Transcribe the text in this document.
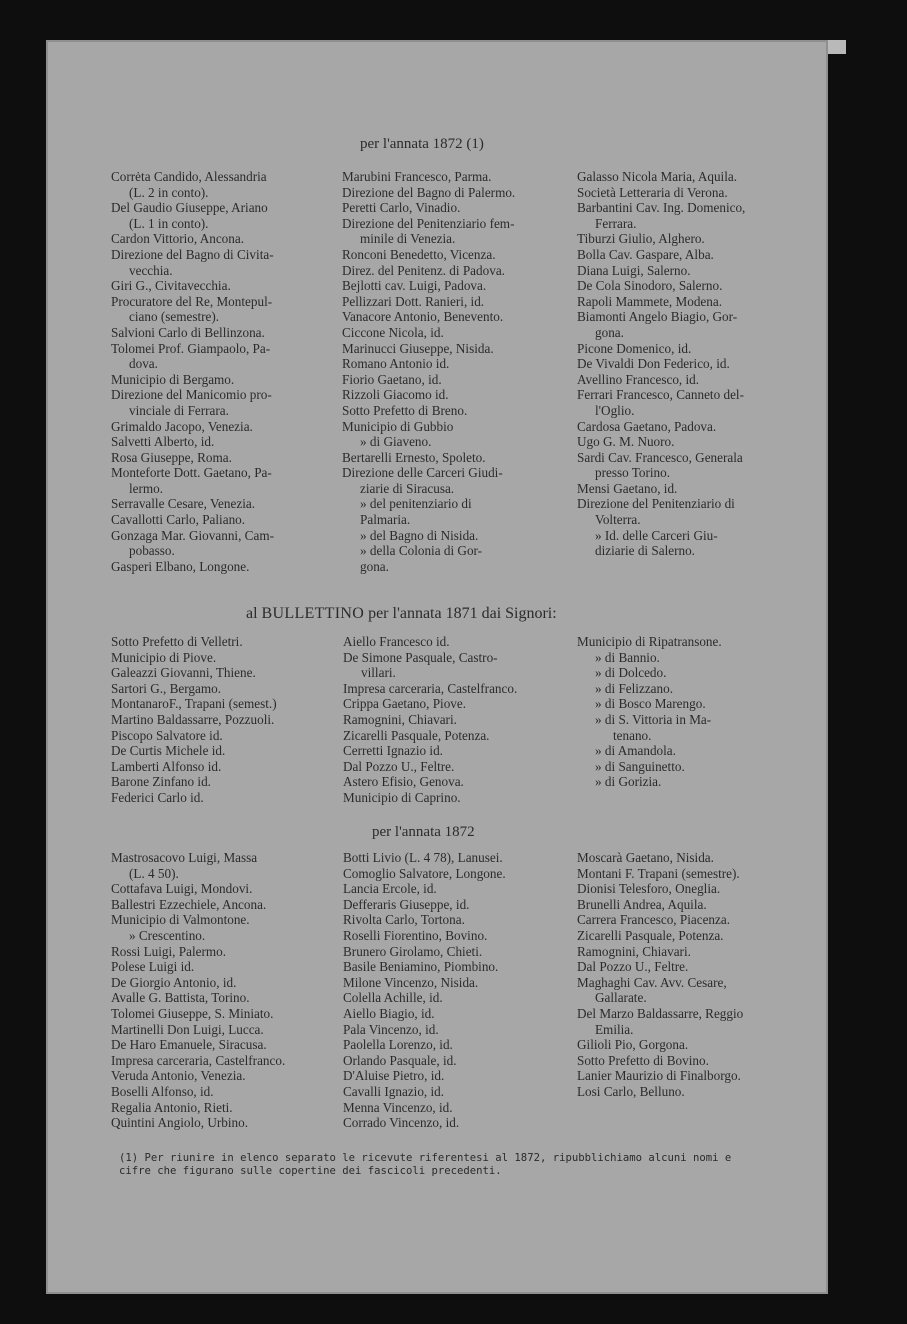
per l'annata 1872 (1)
Corrėta Candido, Alessandria
(L. 2 in conto).
Del Gaudio Giuseppe, Ariano
(L. 1 in conto).
Cardon Vittorio, Ancona.
Direzione del Bagno di Civita-
vecchia.
Giri G., Civitavecchia.
Procuratore del Re, Montepul-
ciano (semestre).
Salvioni Carlo di Bellinzona.
Tolomei Prof. Giampaolo, Pa-
dova.
Municipio di Bergamo.
Direzione del Manicomio pro-
vinciale di Ferrara.
Grimaldo Jacopo, Venezia.
Salvetti Alberto, id.
Rosa Giuseppe, Roma.
Monteforte Dott. Gaetano, Pa-
lermo.
Serravalle Cesare, Venezia.
Cavallotti Carlo, Paliano.
Gonzaga Mar. Giovanni, Cam-
pobasso.
Gasperi Elbano, Longone.
Marubini Francesco, Parma.
Direzione del Bagno di Palermo.
Peretti Carlo, Vinadio.
Direzione del Penitenziario fem-
minile di Venezia.
Ronconi Benedetto, Vicenza.
Direz. del Penitenz. di Padova.
Bejlotti cav. Luigi, Padova.
Pellizzari Dott. Ranieri, id.
Vanacore Antonio, Benevento.
Ciccone Nicola, id.
Marinucci Giuseppe, Nisida.
Romano Antonio id.
Fiorio Gaetano, id.
Rizzoli Giacomo id.
Sotto Prefetto di Breno.
Municipio di Gubbio
» di Giaveno.
Bertarelli Ernesto, Spoleto.
Direzione delle Carceri Giudi-
ziarie di Siracusa.
» del penitenziario di
Palmaria.
» del Bagno di Nisida.
» della Colonia di Gor-
gona.
Galasso Nicola Maria, Aquila.
Società Letteraria di Verona.
Barbantini Cav. Ing. Domenico,
Ferrara.
Tiburzi Giulio, Alghero.
Bolla Cav. Gaspare, Alba.
Diana Luigi, Salerno.
De Cola Sinodoro, Salerno.
Rapoli Mammete, Modena.
Biamonti Angelo Biagio, Gor-
gona.
Picone Domenico, id.
De Vivaldi Don Federico, id.
Avellino Francesco, id.
Ferrari Francesco, Canneto del-
l'Oglio.
Cardosa Gaetano, Padova.
Ugo G. M. Nuoro.
Sardi Cav. Francesco, Generala
presso Torino.
Mensi Gaetano, id.
Direzione del Penitenziario di
Volterra.
» Id. delle Carceri Giu-
diziarie di Salerno.
al BULLETTINO per l'annata 1871 dai Signori:
Sotto Prefetto di Velletri.
Municipio di Piove.
Galeazzi Giovanni, Thiene.
Sartori G., Bergamo.
MontanaroF., Trapani (semest.)
Martino Baldassarre, Pozzuoli.
Piscopo Salvatore id.
De Curtis Michele id.
Lamberti Alfonso id.
Barone Zinfano id.
Federici Carlo id.
Aiello Francesco id.
De Simone Pasquale, Castro-
villari.
Impresa carceraria, Castelfranco.
Crippa Gaetano, Piove.
Ramognini, Chiavari.
Zicarelli Pasquale, Potenza.
Cerretti Ignazio id.
Dal Pozzo U., Feltre.
Astero Efisio, Genova.
Municipio di Caprino.
Municipio di Ripatransone.
» di Bannio.
» di Dolcedo.
» di Felizzano.
» di Bosco Marengo.
» di S. Vittoria in Ma-
tenano.
» di Amandola.
» di Sanguinetto.
» di Gorizia.
per l'annata 1872
Mastrosacovo Luigi, Massa
(L. 4 50).
Cottafava Luigi, Mondovi.
Ballestri Ezzechiele, Ancona.
Municipio di Valmontone.
» Crescentino.
Rossi Luigi, Palermo.
Polese Luigi id.
De Giorgio Antonio, id.
Avalle G. Battista, Torino.
Tolomei Giuseppe, S. Miniato.
Martinelli Don Luigi, Lucca.
De Haro Emanuele, Siracusa.
Impresa carceraria, Castelfranco.
Veruda Antonio, Venezia.
Boselli Alfonso, id.
Regalia Antonio, Rieti.
Quintini Angiolo, Urbino.
Botti Livio (L. 4 78), Lanusei.
Comoglio Salvatore, Longone.
Lancia Ercole, id.
Defferaris Giuseppe, id.
Rivolta Carlo, Tortona.
Roselli Fiorentino, Bovino.
Brunero Girolamo, Chieti.
Basile Beniamino, Piombino.
Milone Vincenzo, Nisida.
Colella Achille, id.
Aiello Biagio, id.
Pala Vincenzo, id.
Paolella Lorenzo, id.
Orlando Pasquale, id.
D'Aluise Pietro, id.
Cavalli Ignazio, id.
Menna Vincenzo, id.
Corrado Vincenzo, id.
Moscarà Gaetano, Nisida.
Montani F. Trapani (semestre).
Dionisi Telesforo, Oneglia.
Brunelli Andrea, Aquila.
Carrera Francesco, Piacenza.
Zicarelli Pasquale, Potenza.
Ramognini, Chiavari.
Dal Pozzo U., Feltre.
Maghaghi Cav. Avv. Cesare,
Gallarate.
Del Marzo Baldassarre, Reggio
Emilia.
Gilioli Pio, Gorgona.
Sotto Prefetto di Bovino.
Lanier Maurizio di Finalborgo.
Losi Carlo, Belluno.
(1) Per riunire in elenco separato le ricevute riferentesi al 1872, ripubblichiamo alcuni nomi e
cifre che figurano sulle copertine dei fascicoli precedenti.
